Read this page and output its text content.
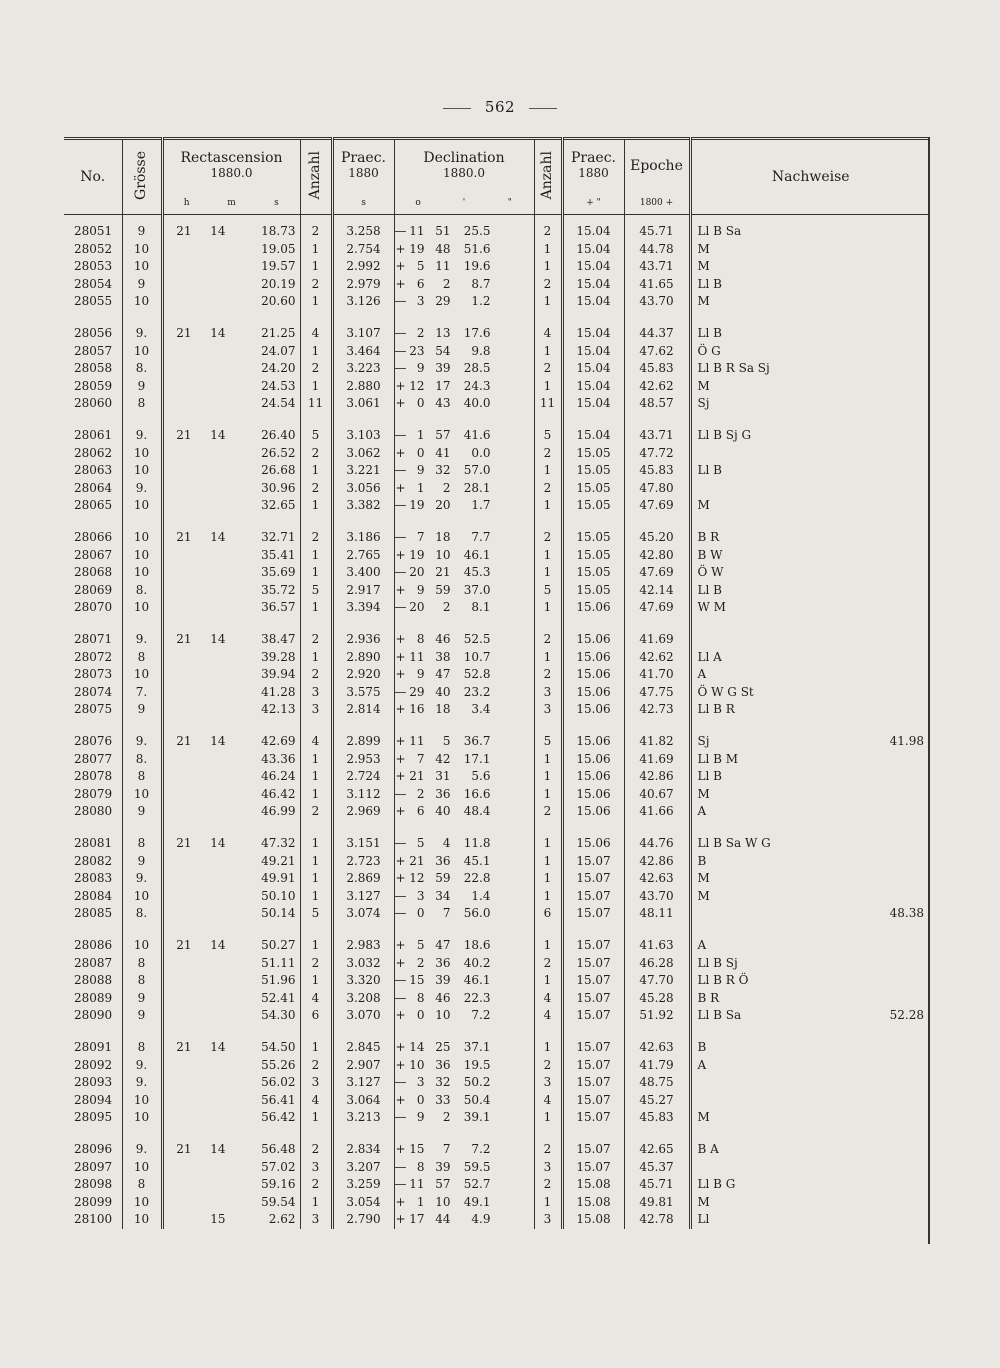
562
No.	Grösse	Rectascension
1880.0	Anzahl	Praec.
1880	Declination
1880.0	Anzahl	Praec.
1880	Epoche	Nachweise	
		h m s		s	o ' "		+ "	1800 +		

28051	9	21 14 18.73	2	3.258	— 11 51 25.5	2	15.04	45.71	Ll B Sa	
28052	10	19.05	1	2.754	+ 19 48 51.6	1	15.04	44.78	M	
28053	10	19.57	1	2.992	+ 5 11 19.6	1	15.04	43.71	M	
28054	9	20.19	2	2.979	+ 6 2 8.7	2	15.04	41.65	Ll B	
28055	10	20.60	1	3.126	— 3 29 1.2	1	15.04	43.70	M	

28056	9.	21 14 21.25	4	3.107	— 2 13 17.6	4	15.04	44.37	Ll B	
28057	10	24.07	1	3.464	— 23 54 9.8	1	15.04	47.62	Ö G	
28058	8.	24.20	2	3.223	— 9 39 28.5	2	15.04	45.83	Ll B R Sa Sj	
28059	9	24.53	1	2.880	+ 12 17 24.3	1	15.04	42.62	M	
28060	8	24.54	11	3.061	+ 0 43 40.0	11	15.04	48.57	Sj	

28061	9.	21 14 26.40	5	3.103	— 1 57 41.6	5	15.04	43.71	Ll B Sj G	
28062	10	26.52	2	3.062	+ 0 41 0.0	2	15.05	47.72		
28063	10	26.68	1	3.221	— 9 32 57.0	1	15.05	45.83	Ll B	
28064	9.	30.96	2	3.056	+ 1 2 28.1	2	15.05	47.80		
28065	10	32.65	1	3.382	— 19 20 1.7	1	15.05	47.69	M	

28066	10	21 14 32.71	2	3.186	— 7 18 7.7	2	15.05	45.20	B R	
28067	10	35.41	1	2.765	+ 19 10 46.1	1	15.05	42.80	B W	
28068	10	35.69	1	3.400	— 20 21 45.3	1	15.05	47.69	Ö W	
28069	8.	35.72	5	2.917	+ 9 59 37.0	5	15.05	42.14	Ll B	
28070	10	36.57	1	3.394	— 20 2 8.1	1	15.06	47.69	W M	

28071	9.	21 14 38.47	2	2.936	+ 8 46 52.5	2	15.06	41.69		
28072	8	39.28	1	2.890	+ 11 38 10.7	1	15.06	42.62	Ll A	
28073	10	39.94	2	2.920	+ 9 47 52.8	2	15.06	41.70	A	
28074	7.	41.28	3	3.575	— 29 40 23.2	3	15.06	47.75	Ö W G St	
28075	9	42.13	3	2.814	+ 16 18 3.4	3	15.06	42.73	Ll B R	

28076	9.	21 14 42.69	4	2.899	+ 11 5 36.7	5	15.06	41.82	Sj	41.98
28077	8.	43.36	1	2.953	+ 7 42 17.1	1	15.06	41.69	Ll B M	
28078	8	46.24	1	2.724	+ 21 31 5.6	1	15.06	42.86	Ll B	
28079	10	46.42	1	3.112	— 2 36 16.6	1	15.06	40.67	M	
28080	9	46.99	2	2.969	+ 6 40 48.4	2	15.06	41.66	A	

28081	8	21 14 47.32	1	3.151	— 5 4 11.8	1	15.06	44.76	Ll B Sa W G	
28082	9	49.21	1	2.723	+ 21 36 45.1	1	15.07	42.86	B	
28083	9.	49.91	1	2.869	+ 12 59 22.8	1	15.07	42.63	M	
28084	10	50.10	1	3.127	— 3 34 1.4	1	15.07	43.70	M	
28085	8.	50.14	5	3.074	— 0 7 56.0	6	15.07	48.11		48.38

28086	10	21 14 50.27	1	2.983	+ 5 47 18.6	1	15.07	41.63	A	
28087	8	51.11	2	3.032	+ 2 36 40.2	2	15.07	46.28	Ll B Sj	
28088	8	51.96	1	3.320	— 15 39 46.1	1	15.07	47.70	Ll B R Ö	
28089	9	52.41	4	3.208	— 8 46 22.3	4	15.07	45.28	B R	
28090	9	54.30	6	3.070	+ 0 10 7.2	4	15.07	51.92	Ll B Sa	52.28

28091	8	21 14 54.50	1	2.845	+ 14 25 37.1	1	15.07	42.63	B	
28092	9.	55.26	2	2.907	+ 10 36 19.5	2	15.07	41.79	A	
28093	9.	56.02	3	3.127	— 3 32 50.2	3	15.07	48.75		
28094	10	56.41	4	3.064	+ 0 33 50.4	4	15.07	45.27		
28095	10	56.42	1	3.213	— 9 2 39.1	1	15.07	45.83	M	

28096	9.	21 14 56.48	2	2.834	+ 15 7 7.2	2	15.07	42.65	B A	
28097	10	57.02	3	3.207	— 8 39 59.5	3	15.07	45.37		
28098	8	59.16	2	3.259	— 11 57 52.7	2	15.08	45.71	Ll B G	
28099	10	59.54	1	3.054	+ 1 10 49.1	1	15.08	49.81	M	
28100	10	15 2.62	3	2.790	+ 17 44 4.9	3	15.08	42.78	Ll	
